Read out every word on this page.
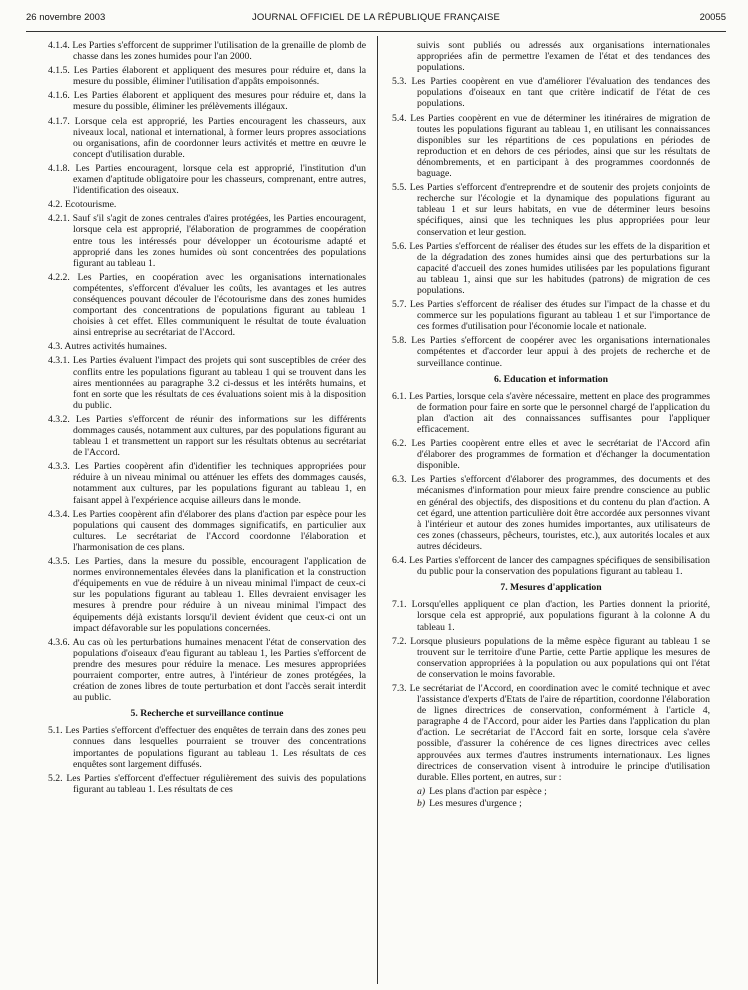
26 novembre 2003	JOURNAL OFFICIEL DE LA RÉPUBLIQUE FRANÇAISE	20055

4.1.4. Les Parties s'efforcent de supprimer l'utilisation de la grenaille de plomb de chasse dans les zones humides pour l'an 2000.

4.1.5. Les Parties élaborent et appliquent des mesures pour réduire et, dans la mesure du possible, éliminer l'utilisation d'appâts empoisonnés.

4.1.6. Les Parties élaborent et appliquent des mesures pour réduire et, dans la mesure du possible, éliminer les prélèvements illégaux.

4.1.7. Lorsque cela est approprié, les Parties encouragent les chasseurs, aux niveaux local, national et international, à former leurs propres associations ou organisations, afin de coordonner leurs activités et mettre en œuvre le concept d'utilisation durable.

4.1.8. Les Parties encouragent, lorsque cela est approprié, l'institution d'un examen d'aptitude obligatoire pour les chasseurs, comprenant, entre autres, l'identification des oiseaux.

4.2. Ecotourisme.

4.2.1. Sauf s'il s'agit de zones centrales d'aires protégées, les Parties encouragent, lorsque cela est approprié, l'élaboration de programmes de coopération entre tous les intéressés pour développer un écotourisme adapté et approprié dans les zones humides où sont concentrées des populations figurant au tableau 1.

4.2.2. Les Parties, en coopération avec les organisations internationales compétentes, s'efforcent d'évaluer les coûts, les avantages et les autres conséquences pouvant découler de l'écotourisme dans des zones humides comportant des concentrations de populations figurant au tableau 1 choisies à cet effet. Elles communiquent le résultat de toute évaluation ainsi entreprise au secrétariat de l'Accord.

4.3. Autres activités humaines.

4.3.1. Les Parties évaluent l'impact des projets qui sont susceptibles de créer des conflits entre les populations figurant au tableau 1 qui se trouvent dans les aires mentionnées au paragraphe 3.2 ci-dessus et les intérêts humains, et font en sorte que les résultats de ces évaluations soient mis à la disposition du public.

4.3.2. Les Parties s'efforcent de réunir des informations sur les différents dommages causés, notamment aux cultures, par des populations figurant au tableau 1 et transmettent un rapport sur les résultats obtenus au secrétariat de l'Accord.

4.3.3. Les Parties coopèrent afin d'identifier les techniques appropriées pour réduire à un niveau minimal ou atténuer les effets des dommages causés, notamment aux cultures, par les populations figurant au tableau 1, en faisant appel à l'expérience acquise ailleurs dans le monde.

4.3.4. Les Parties coopèrent afin d'élaborer des plans d'action par espèce pour les populations qui causent des dommages significatifs, en particulier aux cultures. Le secrétariat de l'Accord coordonne l'élaboration et l'harmonisation de ces plans.

4.3.5. Les Parties, dans la mesure du possible, encouragent l'application de normes environnementales élevées dans la planification et la construction d'équipements en vue de réduire à un niveau minimal l'impact de ceux-ci sur les populations figurant au tableau 1. Elles devraient envisager les mesures à prendre pour réduire à un niveau minimal l'impact des équipements déjà existants lorsqu'il devient évident que ceux-ci ont un impact défavorable sur les populations concernées.

4.3.6. Au cas où les perturbations humaines menacent l'état de conservation des populations d'oiseaux d'eau figurant au tableau 1, les Parties s'efforcent de prendre des mesures pour réduire la menace. Les mesures appropriées pourraient comporter, entre autres, à l'intérieur de zones protégées, la création de zones libres de toute perturbation et dont l'accès serait interdit au public.

5. Recherche et surveillance continue

5.1. Les Parties s'efforcent d'effectuer des enquêtes de terrain dans des zones peu connues dans lesquelles pourraient se trouver des concentrations importantes de populations figurant au tableau 1. Les résultats de ces enquêtes sont largement diffusés.

5.2. Les Parties s'efforcent d'effectuer régulièrement des suivis des populations figurant au tableau 1. Les résultats de ces

suivis sont publiés ou adressés aux organisations internationales appropriées afin de permettre l'examen de l'état et des tendances des populations.

5.3. Les Parties coopèrent en vue d'améliorer l'évaluation des tendances des populations d'oiseaux en tant que critère indicatif de l'état de ces populations.

5.4. Les Parties coopèrent en vue de déterminer les itinéraires de migration de toutes les populations figurant au tableau 1, en utilisant les connaissances disponibles sur les répartitions de ces populations en périodes de reproduction et en dehors de ces périodes, ainsi que sur les résultats de dénombrements, et en participant à des programmes coordonnés de baguage.

5.5. Les Parties s'efforcent d'entreprendre et de soutenir des projets conjoints de recherche sur l'écologie et la dynamique des populations figurant au tableau 1 et sur leurs habitats, en vue de déterminer leurs besoins spécifiques, ainsi que les techniques les plus appropriées pour leur conservation et leur gestion.

5.6. Les Parties s'efforcent de réaliser des études sur les effets de la disparition et de la dégradation des zones humides ainsi que des perturbations sur la capacité d'accueil des zones humides utilisées par les populations figurant au tableau 1, ainsi que sur les habitudes (patrons) de migration de ces populations.

5.7. Les Parties s'efforcent de réaliser des études sur l'impact de la chasse et du commerce sur les populations figurant au tableau 1 et sur l'importance de ces formes d'utilisation pour l'économie locale et nationale.

5.8. Les Parties s'efforcent de coopérer avec les organisations internationales compétentes et d'accorder leur appui à des projets de recherche et de surveillance continue.

6. Education et information

6.1. Les Parties, lorsque cela s'avère nécessaire, mettent en place des programmes de formation pour faire en sorte que le personnel chargé de l'application du plan d'action ait des connaissances suffisantes pour l'appliquer efficacement.

6.2. Les Parties coopèrent entre elles et avec le secrétariat de l'Accord afin d'élaborer des programmes de formation et d'échanger la documentation disponible.

6.3. Les Parties s'efforcent d'élaborer des programmes, des documents et des mécanismes d'information pour mieux faire prendre conscience au public en général des objectifs, des dispositions et du contenu du plan d'action. A cet égard, une attention particulière doit être accordée aux personnes vivant à l'intérieur et autour des zones humides importantes, aux utilisateurs de ces zones (chasseurs, pêcheurs, touristes, etc.), aux autorités locales et aux autres décideurs.

6.4. Les Parties s'efforcent de lancer des campagnes spécifiques de sensibilisation du public pour la conservation des populations figurant au tableau 1.

7. Mesures d'application

7.1. Lorsqu'elles appliquent ce plan d'action, les Parties donnent la priorité, lorsque cela est approprié, aux populations figurant à la colonne A du tableau 1.

7.2. Lorsque plusieurs populations de la même espèce figurant au tableau 1 se trouvent sur le territoire d'une Partie, cette Partie applique les mesures de conservation appropriées à la population ou aux populations qui ont l'état de conservation le moins favorable.

7.3. Le secrétariat de l'Accord, en coordination avec le comité technique et avec l'assistance d'experts d'Etats de l'aire de répartition, coordonne l'élaboration de lignes directrices de conservation, conformément à l'article 4, paragraphe 4 de l'Accord, pour aider les Parties dans l'application du plan d'action. Le secrétariat de l'Accord fait en sorte, lorsque cela s'avère possible, d'assurer la cohérence de ces lignes directrices avec celles approuvées aux termes d'autres instruments internationaux. Les lignes directrices de conservation visent à introduire le principe d'utilisation durable. Elles portent, en autres, sur :

a) Les plans d'action par espèce ;
b) Les mesures d'urgence ;
